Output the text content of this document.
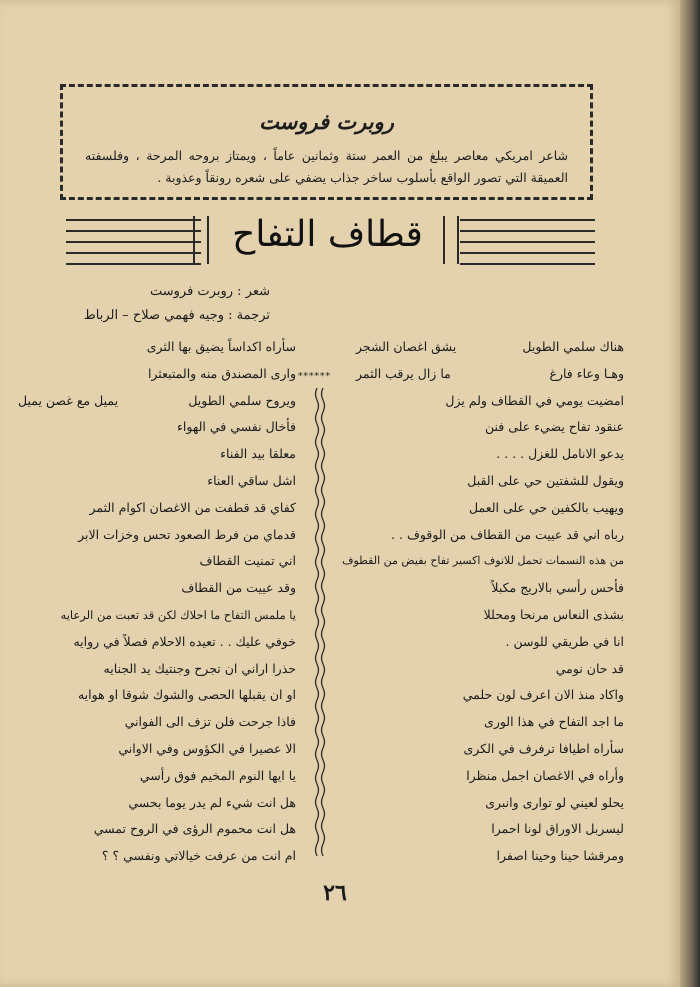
روبرت فروست
شاعر امريكي معاصر يبلغ من العمر ستة وثمانين عاماً ، ويمتاز بروحه المرحة ، وفلسفته العميقة التي تصور الواقع بأسلوب ساخر جذاب يضفي على شعره رونقاً وعذوبة .
قطاف التفاح
شعر : روبرت فروست
ترجمة : وجيه فهمي صلاح – الرباط
هناك سلمي الطويل
يشق اغصان الشجر
وهـا وعاء فارغ
ما زال يرقب الثمر
امضيت يومي في القطاف ولم يزل
عنقود تفاح يضيء على فنن
يدعو الانامل للغزل . . . .
ويقول للشفتين حي على القبل
ويهيب بالكفين حي على العمل
رباه اني قد عييت من القطاف من الوقوف . .
من هذه النسمات تحمل للانوف اكسير تفاح بفيض من القطوف
فأحس رأسي بالاريج مكبلاً
بشذى النعاس مرنحا ومحللا
انا في طريقي للوسن .
قد حان نومي
واكاد منذ الان اعرف لون حلمي
ما اجد التفاح في هذا الورى
سأراه اطيافا ترفرف في الكرى
وأراه في الاغصان اجمل منظرا
يحلو لعيني لو توارى وانبرى
ليسربل الاوراق لونا احمرا
ومرقشا حينا وحينا اصفرا
******
سأراه اكداساً يضيق بها الثرى
وارى المصندق منه والمتبعثرا
ويروح سلمي الطويل
يميل مع غصن يميل
فأخال نفسي في الهواء
معلقا بيد الفناء
اشل ساقي العناء
كفاي قد قطفت من الاغصان اكوام الثمر
قدماي من فرط الصعود تحس وخزات الابر
اني تمنيت القطاف
وقد عييت من القطاف
يا ملمس التفاح ما احلاك لكن قد تعبت من الرعايه
خوفي عليك . . تعيده الاحلام فصلاً في روايه
حذرا اراني ان تجرح وجنتيك يد الجنايه
او ان يقبلها الحصى والشوك شوقا او هوايه
فاذا جرحت فلن تزف الى الفواني
الا عصيرا في الكؤوس وفي الاواني
يا ايها النوم المخيم فوق رأسي
هل انت شيء لم يدر يوما بحسي
هل انت محموم الرؤى في الروح تمسي
ام انت من عرفت خيالاتي ونفسي ؟ ؟
٢٦
